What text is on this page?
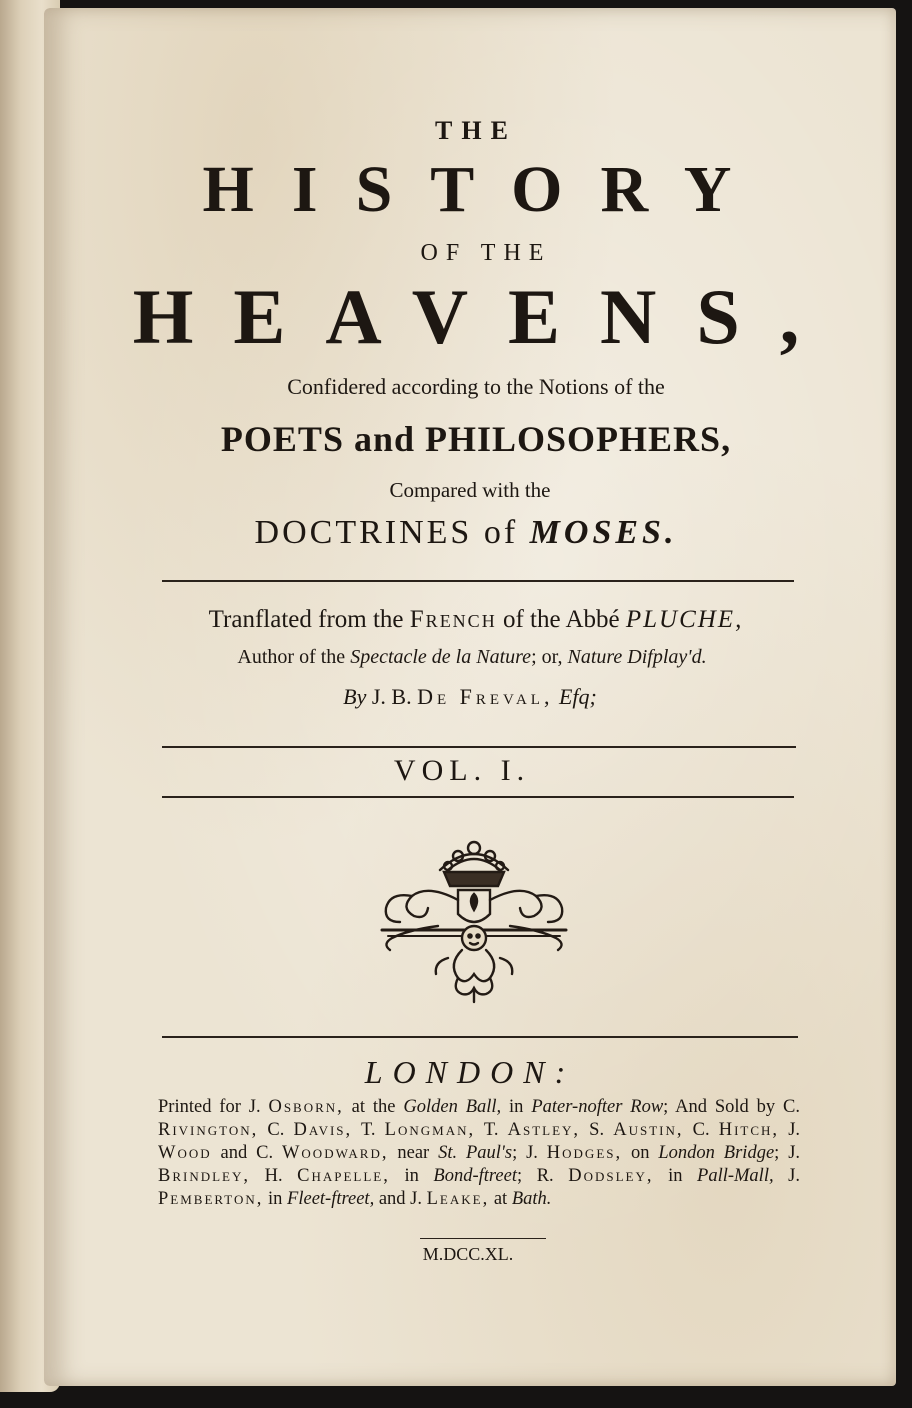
THE
HISTORY
OF THE
HEAVENS,
Confidered according to the Notions of the
POETS and PHILOSOPHERS,
Compared with the
DOCTRINES of MOSES.
Tranflated from the French of the Abbé PLUCHE,
Author of the Spectacle de la Nature; or, Nature Difplay'd.
By J. B. De Freval, Efq;
VOL. I.
LONDON:
Printed for J. Osborn, at the Golden Ball, in Pater-nofter Row; And Sold by C. Rivington, C. Davis, T. Longman, T. Astley, S. Austin, C. Hitch, J. Wood and C. Woodward, near St. Paul's; J. Hodges, on London Bridge; J. Brindley, H. Chapelle, in Bond-ftreet; R. Dodsley, in Pall-Mall, J. Pemberton, in Fleet-ftreet, and J. Leake, at Bath.
M.DCC.XL.
